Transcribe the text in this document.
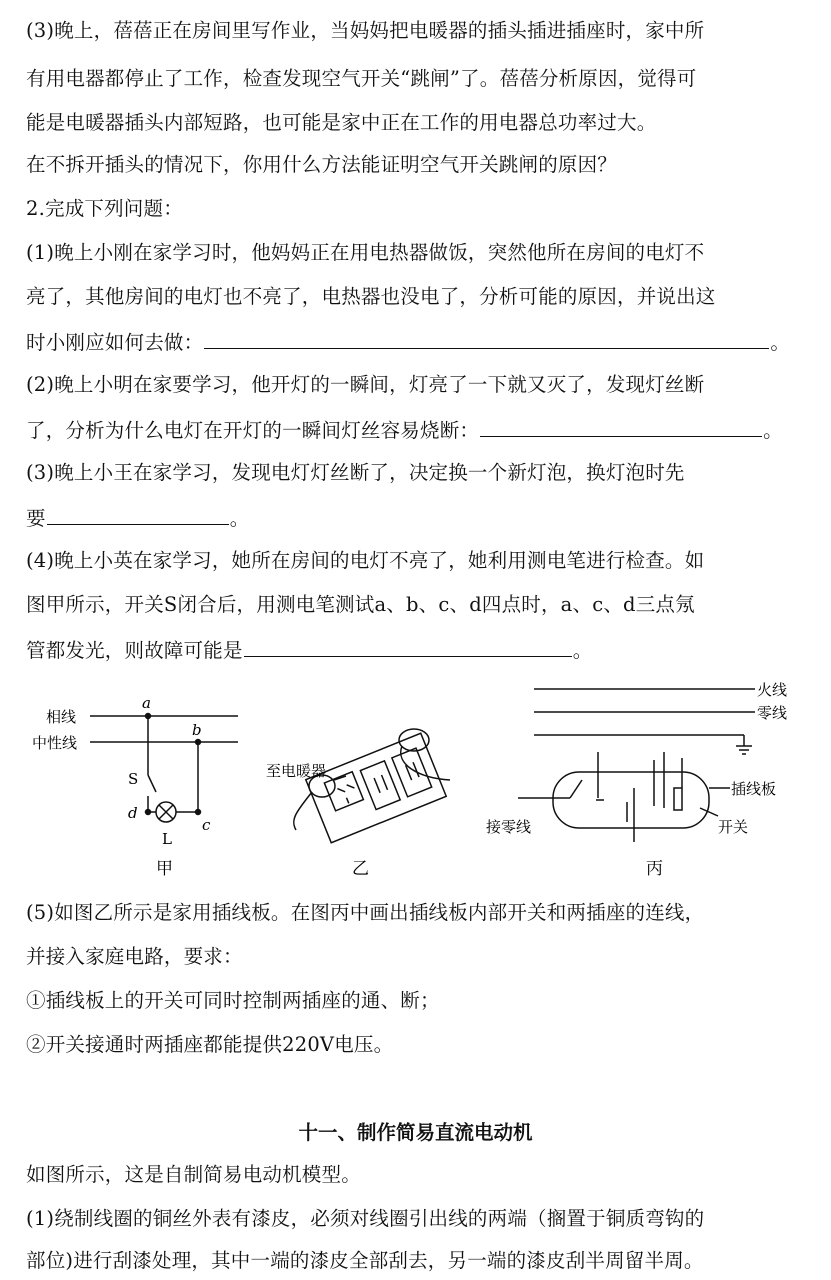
(3)晚上，蓓蓓正在房间里写作业，当妈妈把电暖器的插头插进插座时，家中所
有用电器都停止了工作，检查发现空气开关“跳闸”了。蓓蓓分析原因，觉得可
能是电暖器插头内部短路，也可能是家中正在工作的用电器总功率过大。
在不拆开插头的情况下，你用什么方法能证明空气开关跳闸的原因？
2.完成下列问题：
(1)晚上小刚在家学习时，他妈妈正在用电热器做饭，突然他所在房间的电灯不
亮了，其他房间的电灯也不亮了，电热器也没电了，分析可能的原因，并说出这
时小刚应如何去做：	。
(2)晚上小明在家要学习，他开灯的一瞬间，灯亮了一下就又灭了，发现灯丝断
了，分析为什么电灯在开灯的一瞬间灯丝容易烧断：	。
(3)晚上小王在家学习，发现电灯灯丝断了，决定换一个新灯泡，换灯泡时先
要	。
(4)晚上小英在家学习，她所在房间的电灯不亮了，她利用测电笔进行检查。如
图甲所示，开关S闭合后，用测电笔测试a、b、c、d四点时，a、c、d三点氖
管都发光，则故障可能是	。
相线
中性线
a
b
S
d
c
L
甲
至电暖器
乙
火线
零线
插线板
接零线	开关
丙
(5)如图乙所示是家用插线板。在图丙中画出插线板内部开关和两插座的连线，
并接入家庭电路，要求：
①插线板上的开关可同时控制两插座的通、断；
②开关接通时两插座都能提供220V电压。
十一、制作简易直流电动机
如图所示，这是自制简易电动机模型。
(1)绕制线圈的铜丝外表有漆皮，必须对线圈引出线的两端（搁置于铜质弯钩的
部位)进行刮漆处理，其中一端的漆皮全部刮去，另一端的漆皮刮半周留半周。
